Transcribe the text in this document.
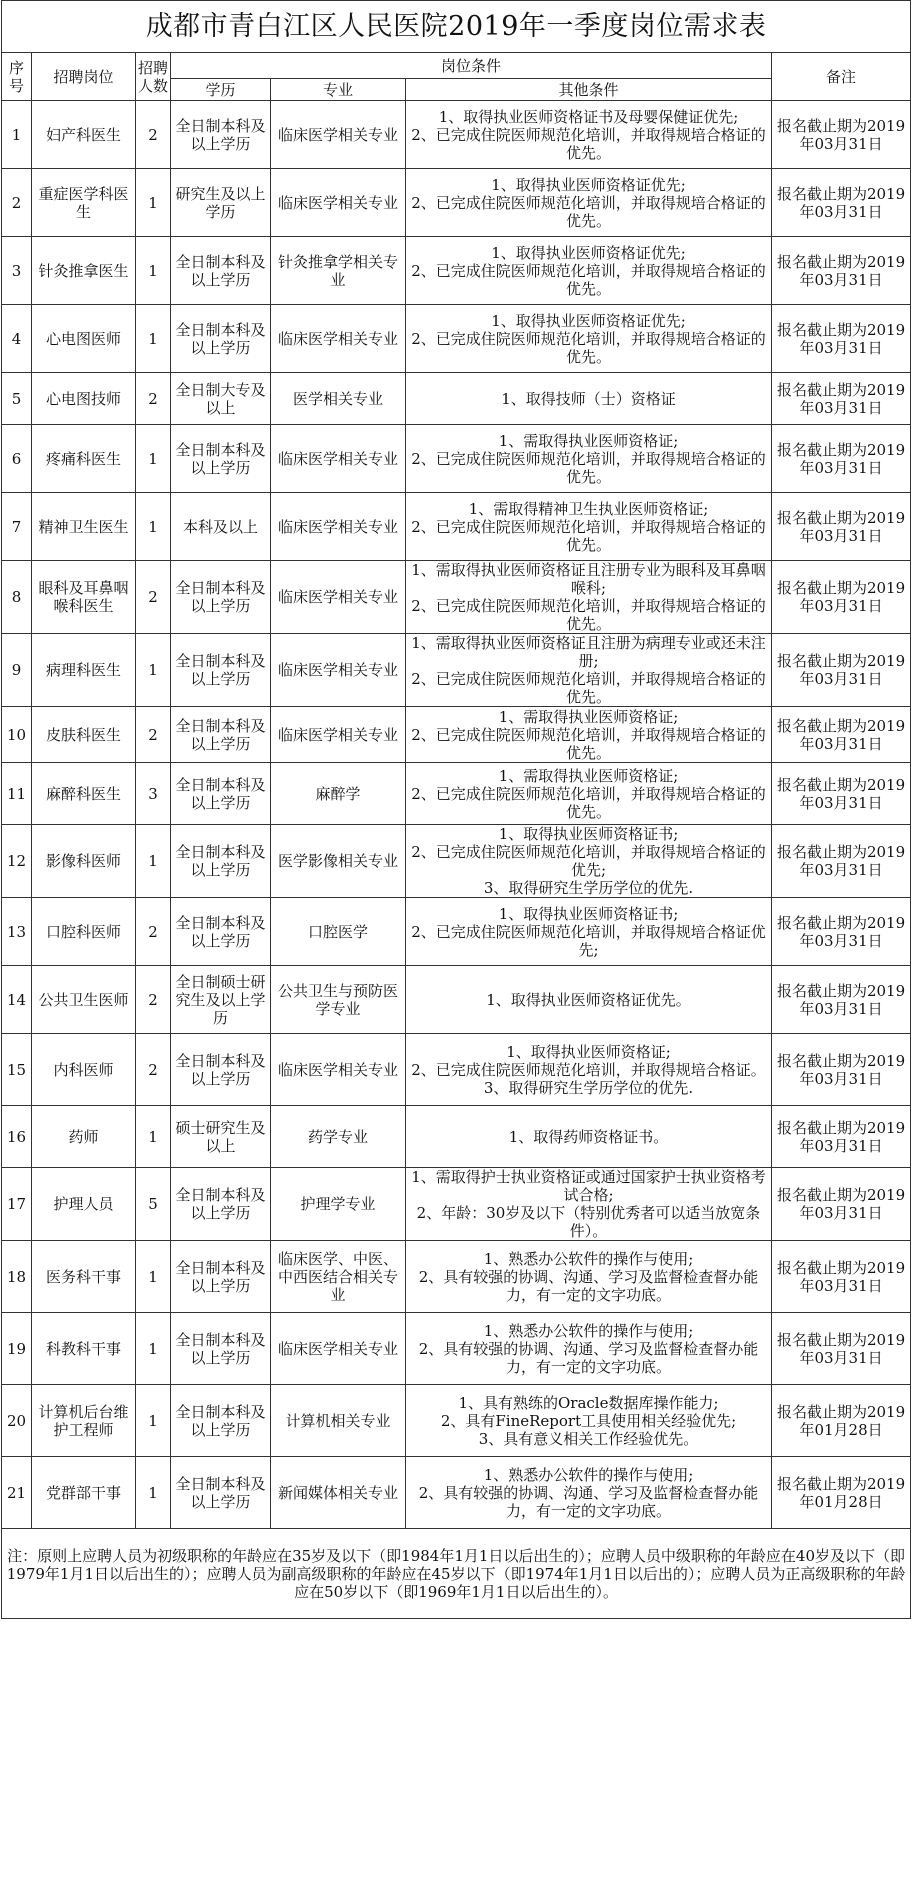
成都市青白江区人民医院2019年一季度岗位需求表						
序号	招聘岗位	招聘人数	岗位条件			备注
			学历	专业	其他条件	
1	妇产科医生	2	全日制本科及以上学历	临床医学相关专业	1、取得执业医师资格证书及母婴保健证优先;
2、已完成住院医师规范化培训，并取得规培合格证的优先。	报名截止期为2019年03月31日
2	重症医学科医生	1	研究生及以上学历	临床医学相关专业	1、取得执业医师资格证优先;
2、已完成住院医师规范化培训，并取得规培合格证的优先。	报名截止期为2019年03月31日
3	针灸推拿医生	1	全日制本科及以上学历	针灸推拿学相关专业	1、取得执业医师资格证优先;
2、已完成住院医师规范化培训，并取得规培合格证的优先。	报名截止期为2019年03月31日
4	心电图医师	1	全日制本科及以上学历	临床医学相关专业	1、取得执业医师资格证优先;
2、已完成住院医师规范化培训，并取得规培合格证的优先。	报名截止期为2019年03月31日
5	心电图技师	2	全日制大专及以上	医学相关专业	1、取得技师（士）资格证	报名截止期为2019年03月31日
6	疼痛科医生	1	全日制本科及以上学历	临床医学相关专业	1、需取得执业医师资格证;
2、已完成住院医师规范化培训，并取得规培合格证的优先。	报名截止期为2019年03月31日
7	精神卫生医生	1	本科及以上	临床医学相关专业	1、需取得精神卫生执业医师资格证;
2、已完成住院医师规范化培训，并取得规培合格证的优先。	报名截止期为2019年03月31日
8	眼科及耳鼻咽喉科医生	2	全日制本科及以上学历	临床医学相关专业	1、需取得执业医师资格证且注册专业为眼科及耳鼻咽喉科;
2、已完成住院医师规范化培训，并取得规培合格证的优先。	报名截止期为2019年03月31日
9	病理科医生	1	全日制本科及以上学历	临床医学相关专业	1、需取得执业医师资格证且注册为病理专业或还未注册;
2、已完成住院医师规范化培训，并取得规培合格证的优先。	报名截止期为2019年03月31日
10	皮肤科医生	2	全日制本科及以上学历	临床医学相关专业	1、需取得执业医师资格证;
2、已完成住院医师规范化培训，并取得规培合格证的优先。	报名截止期为2019年03月31日
11	麻醉科医生	3	全日制本科及以上学历	麻醉学	1、需取得执业医师资格证;
2、已完成住院医师规范化培训，并取得规培合格证的优先。	报名截止期为2019年03月31日
12	影像科医师	1	全日制本科及以上学历	医学影像相关专业	1、取得执业医师资格证书;
2、已完成住院医师规范化培训，并取得规培合格证的优先;
3、取得研究生学历学位的优先.	报名截止期为2019年03月31日
13	口腔科医师	2	全日制本科及以上学历	口腔医学	1、取得执业医师资格证书;
2、已完成住院医师规范化培训，并取得规培合格证优先;	报名截止期为2019年03月31日
14	公共卫生医师	2	全日制硕士研究生及以上学历	公共卫生与预防医学专业	1、取得执业医师资格证优先。	报名截止期为2019年03月31日
15	内科医师	2	全日制本科及以上学历	临床医学相关专业	1、取得执业医师资格证;
2、已完成住院医师规范化培训，并取得规培合格证。
3、取得研究生学历学位的优先.	报名截止期为2019年03月31日
16	药师	1	硕士研究生及以上	药学专业	1、取得药师资格证书。	报名截止期为2019年03月31日
17	护理人员	5	全日制本科及以上学历	护理学专业	1、需取得护士执业资格证或通过国家护士执业资格考试合格;
2、年龄：30岁及以下（特别优秀者可以适当放宽条件）。	报名截止期为2019年03月31日
18	医务科干事	1	全日制本科及以上学历	临床医学、中医、中西医结合相关专业	1、熟悉办公软件的操作与使用;
2、具有较强的协调、沟通、学习及监督检查督办能力，有一定的文字功底。	报名截止期为2019年03月31日
19	科教科干事	1	全日制本科及以上学历	临床医学相关专业	1、熟悉办公软件的操作与使用;
2、具有较强的协调、沟通、学习及监督检查督办能力，有一定的文字功底。	报名截止期为2019年03月31日
20	计算机后台维护工程师	1	全日制本科及以上学历	计算机相关专业	1、具有熟练的Oracle数据库操作能力;
2、具有FineReport工具使用相关经验优先;
3、具有意义相关工作经验优先。	报名截止期为2019年01月28日
21	党群部干事	1	全日制本科及以上学历	新闻媒体相关专业	1、熟悉办公软件的操作与使用;
2、具有较强的协调、沟通、学习及监督检查督办能力，有一定的文字功底。	报名截止期为2019年01月28日
注：原则上应聘人员为初级职称的年龄应在35岁及以下（即1984年1月1日以后出生的）；应聘人员中级职称的年龄应在40岁及以下（即1979年1月1日以后出生的）；应聘人员为副高级职称的年龄应在45岁以下（即1974年1月1日以后出的）；应聘人员为正高级职称的年龄应在50岁以下（即1969年1月1日以后出生的）。						
